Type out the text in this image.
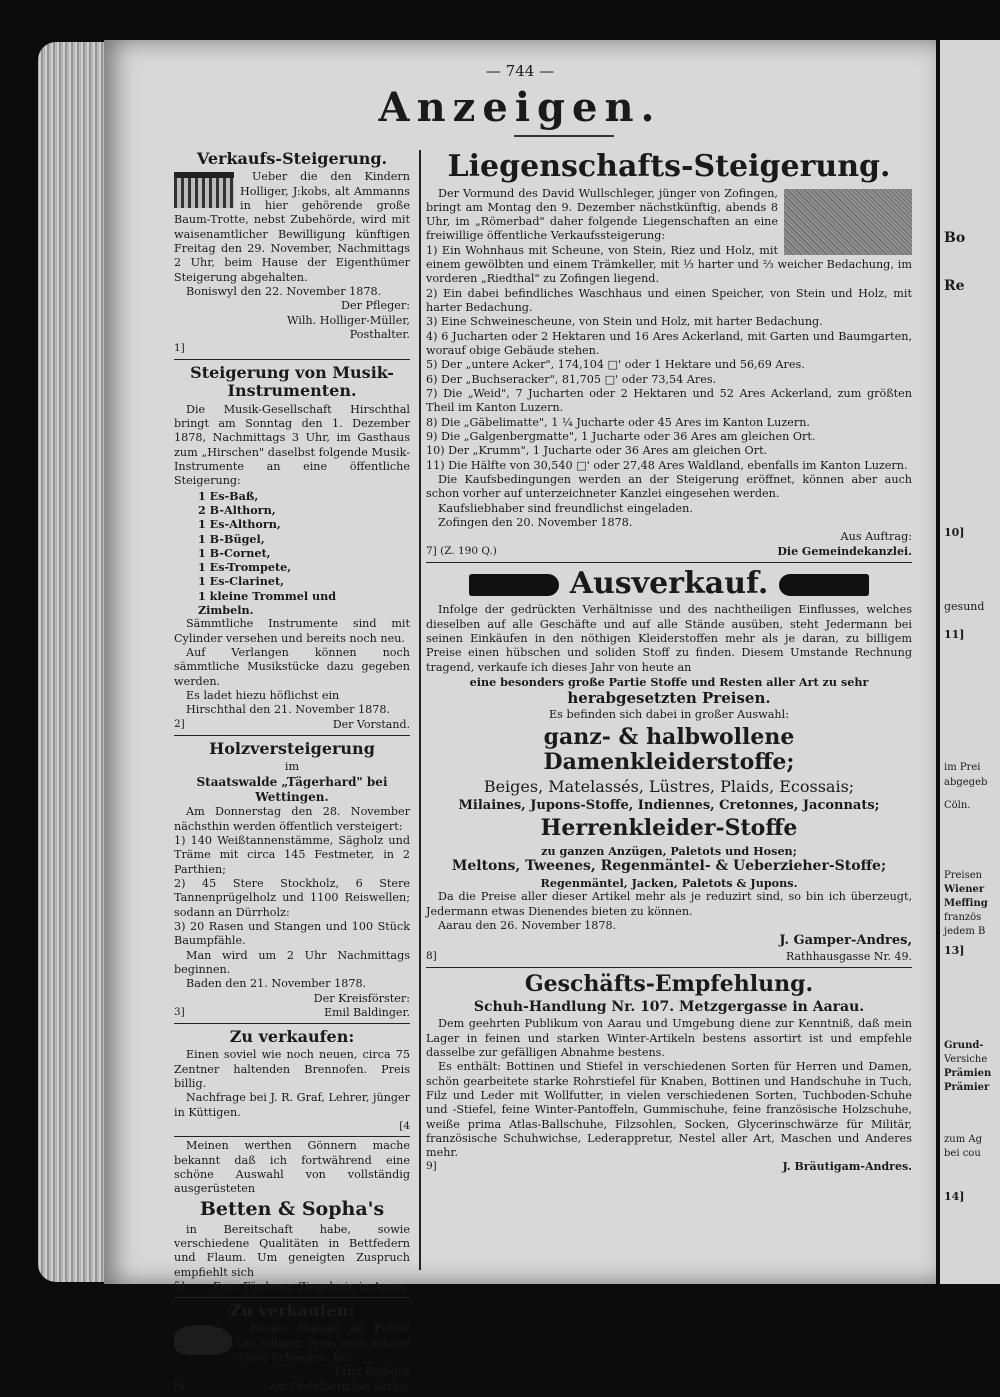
Bo
Re
10]
gesund
11]
im Prei
abgegeb
Cöln.
Preisen
Wiener
Meffing
französ
jedem B
13]
Grund-
Versiche
Prämien
Prämier
zum Ag
bei cou
14]
— 744 —
Anzeigen.
Verkaufs-Steigerung.

Ueber die den Kindern Holliger, J:kobs, alt Ammanns in hier gehörende große Baum-Trotte, nebst Zubehörde, wird mit waisenamtlicher Bewilligung künftigen Freitag den 29. November, Nachmittags 2 Uhr, beim Hause der Eigenthümer Steigerung abgehalten.

Boniswyl den 22. November 1878.

Der Pfleger:
Wilh. Holliger-Müller,
Posthalter.
1]
Steigerung von Musik-Instrumenten.

Die Musik-Gesellschaft Hirschthal bringt am Sonntag den 1. Dezember 1878, Nachmittags 3 Uhr, im Gasthaus zum „Hirschen" daselbst folgende Musik-Instrumente an eine öffentliche Steigerung:

1 Es-Baß,
2 B-Althorn,
1 Es-Althorn,
1 B-Bügel,
1 B-Cornet,
1 Es-Trompete,
1 Es-Clarinet,
1 kleine Trommel und
Zimbeln.

Sämmtliche Instrumente sind mit Cylinder versehen und bereits noch neu.

Auf Verlangen können noch sämmtliche Musikstücke dazu gegeben werden.

Es ladet hiezu höflichst ein

Hirschthal den 21. November 1878.

2]	Der Vorstand.
Holzversteigerung
im
Staatswalde „Tägerhard" bei Wettingen.

Am Donnerstag den 28. November nächsthin werden öffentlich versteigert:

1) 140 Weißtannenstämme, Sägholz und Träme mit circa 145 Festmeter, in 2 Parthien;

2) 45 Stere Stockholz, 6 Stere Tannenprügelholz und 1100 Reiswellen; sodann an Dürrholz:

3) 20 Rasen und Stangen und 100 Stück Baumpfähle.

Man wird um 2 Uhr Nachmittags beginnen.

Baden den 21. November 1878.

Der Kreisförster:
3]	Emil Baldinger.
Zu verkaufen:

Einen soviel wie noch neuen, circa 75 Zentner haltenden Brennofen. Preis billig.

Nachfrage bei J. R. Graf, Lehrer, jünger in Küttigen.

[4

Meinen werthen Gönnern mache bekannt daß ich fortwährend eine schöne Auswahl von vollständig ausgerüsteten

Betten & Sopha's

in Bereitschaft habe, sowie verschiedene Qualitäten in Bettfedern und Flaum. Um geneigten Zuspruch empfiehlt sich

5]	Frau Förderer, Ziegelrain in Aarau.
Zu verkaufen:

Wegen Mangel an Futter um billigen Preis zwei schöne Fasel-Schweine; bei

Fritz Bolliger
[6	am Distelberg bei Aarau.
Liegenschafts-Steigerung.

Der Vormund des David Wullschleger, jünger von Zofingen, bringt am Montag den 9. Dezember nächstkünftig, abends 8 Uhr, im „Römerbad" daher folgende Liegenschaften an eine freiwillige öffentliche Verkaufssteigerung:

1) Ein Wohnhaus mit Scheune, von Stein, Riez und Holz, mit einem gewölbten und einem Trämkeller, mit ⅓ harter und ⅔ weicher Bedachung, im vorderen „Riedthal" zu Zofingen liegend.

2) Ein dabei befindliches Waschhaus und einen Speicher, von Stein und Holz, mit harter Bedachung.

3) Eine Schweinescheune, von Stein und Holz, mit harter Bedachung.

4) 6 Jucharten oder 2 Hektaren und 16 Ares Ackerland, mit Garten und Baumgarten, worauf obige Gebäude stehen.

5) Der „untere Acker", 174,104 □' oder 1 Hektare und 56,69 Ares.

6) Der „Buchseracker", 81,705 □' oder 73,54 Ares.

7) Die „Weid", 7 Jucharten oder 2 Hektaren und 52 Ares Ackerland, zum größten Theil im Kanton Luzern.

8) Die „Gäbelimatte", 1 ¼ Jucharte oder 45 Ares im Kanton Luzern.

9) Die „Galgenbergmatte", 1 Jucharte oder 36 Ares am gleichen Ort.

10) Der „Krumm", 1 Jucharte oder 36 Ares am gleichen Ort.

11) Die Hälfte von 30,540 □' oder 27,48 Ares Waldland, ebenfalls im Kanton Luzern.

Die Kaufsbedingungen werden an der Steigerung eröffnet, können aber auch schon vorher auf unterzeichneter Kanzlei eingesehen werden.

Kaufsliebhaber sind freundlichst eingeladen.

Zofingen den 20. November 1878.

Aus Auftrag:
7] (Z. 190 Q.)	Die Gemeindekanzlei.
Ausverkauf.

Infolge der gedrückten Verhältnisse und des nachtheiligen Einflusses, welches dieselben auf alle Geschäfte und auf alle Stände ausüben, steht Jedermann bei seinen Einkäufen in den nöthigen Kleiderstoffen mehr als je daran, zu billigem Preise einen hübschen und soliden Stoff zu finden. Diesem Umstande Rechnung tragend, verkaufe ich dieses Jahr von heute an

eine besonders große Partie Stoffe und Resten aller Art zu sehr
herabgesetzten Preisen.
Es befinden sich dabei in großer Auswahl:
ganz- & halbwollene Damenkleiderstoffe;
Beiges, Matelassés, Lüstres, Plaids, Ecossais;
Milaines, Jupons-Stoffe, Indiennes, Cretonnes, Jaconnats;
Herrenkleider-Stoffe
zu ganzen Anzügen, Paletots und Hosen;
Meltons, Tweenes, Regenmäntel- & Ueberzieher-Stoffe;
Regenmäntel, Jacken, Paletots & Jupons.

Da die Preise aller dieser Artikel mehr als je reduzirt sind, so bin ich überzeugt, Jedermann etwas Dienendes bieten zu können.

Aarau den 26. November 1878.

J. Gamper-Andres,
8]	Rathhausgasse Nr. 49.
Geschäfts-Empfehlung.
Schuh-Handlung Nr. 107. Metzgergasse in Aarau.

Dem geehrten Publikum von Aarau und Umgebung diene zur Kenntniß, daß mein Lager in feinen und starken Winter-Artikeln bestens assortirt ist und empfehle dasselbe zur gefälligen Abnahme bestens.

Es enthält: Bottinen und Stiefel in verschiedenen Sorten für Herren und Damen, schön gearbeitete starke Rohrstiefel für Knaben, Bottinen und Handschuhe in Tuch, Filz und Leder mit Wollfutter, in vielen verschiedenen Sorten, Tuchboden-Schuhe und -Stiefel, feine Winter-Pantoffeln, Gummischuhe, feine französische Holzschuhe, weiße prima Atlas-Ballschuhe, Filzsohlen, Socken, Glycerinschwärze für Militär, französische Schuhwichse, Lederappretur, Nestel aller Art, Maschen und Anderes mehr.

9]	J. Bräutigam-Andres.
